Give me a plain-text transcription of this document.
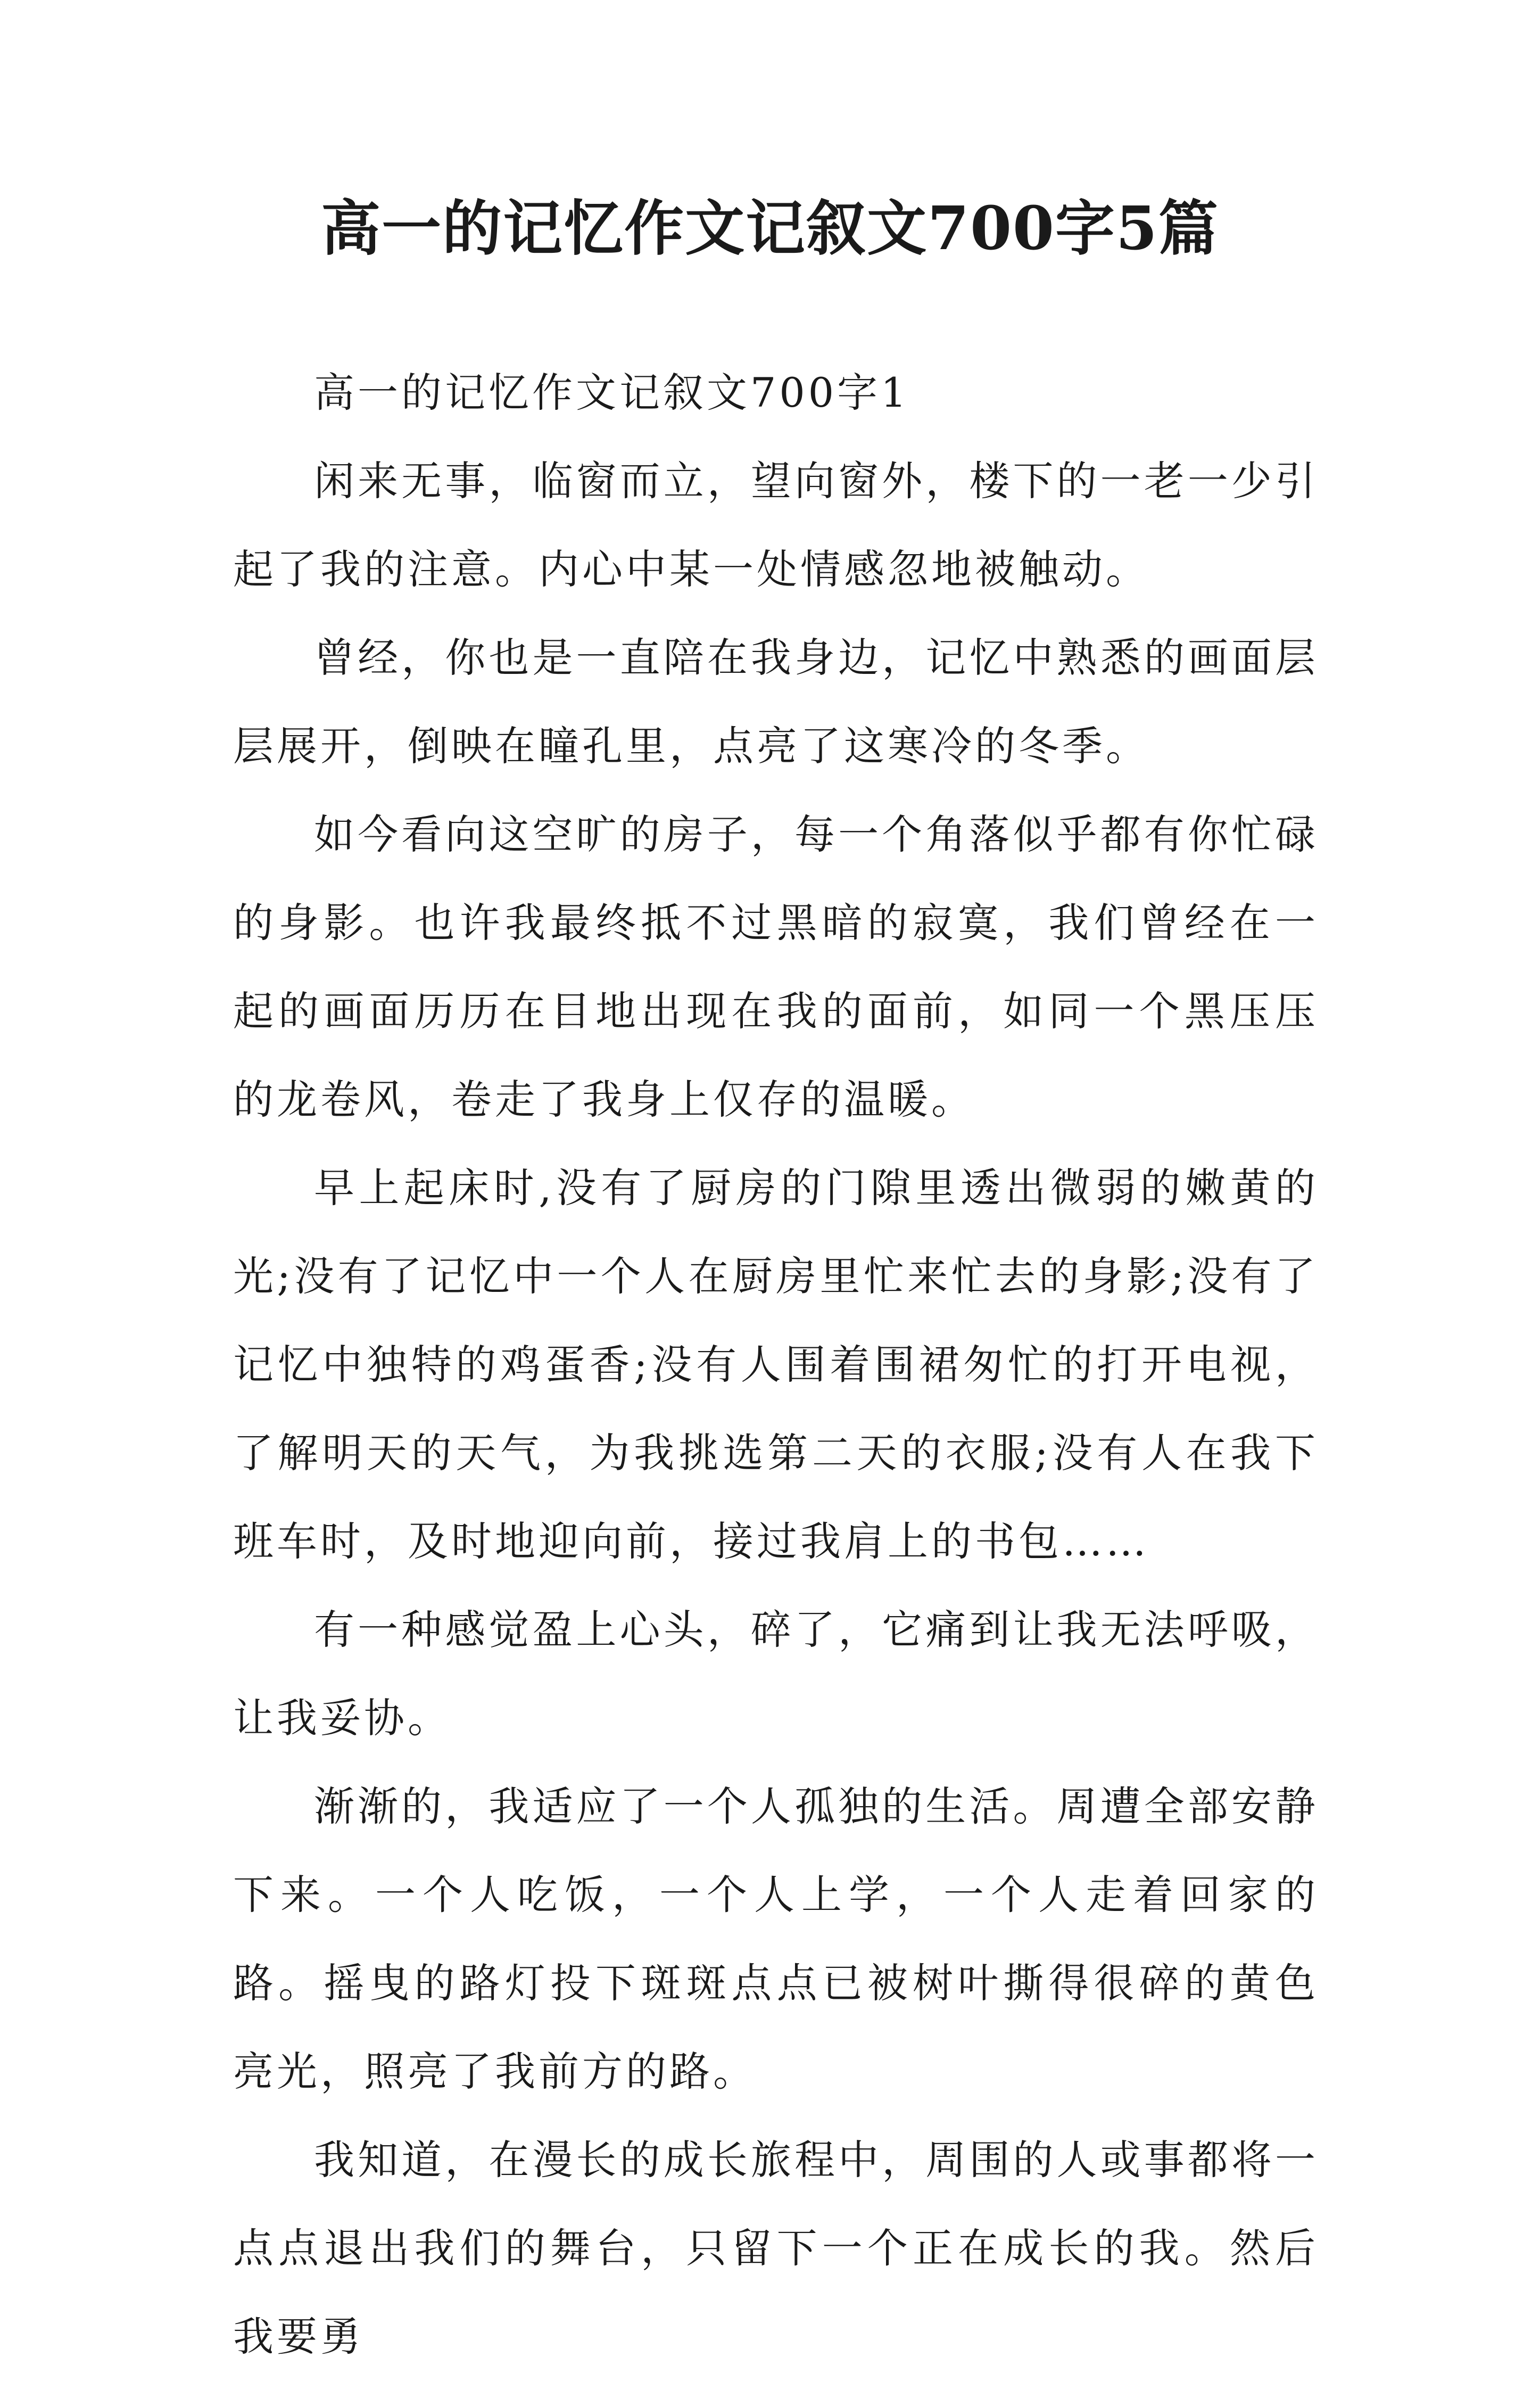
高一的记忆作文记叙文700字5篇

高一的记忆作文记叙文700字1

闲来无事，临窗而立，望向窗外，楼下的一老一少引起了我的注意。内心中某一处情感忽地被触动。

曾经，你也是一直陪在我身边，记忆中熟悉的画面层层展开，倒映在瞳孔里，点亮了这寒冷的冬季。

如今看向这空旷的房子，每一个角落似乎都有你忙碌的身影。也许我最终抵不过黑暗的寂寞，我们曾经在一起的画面历历在目地出现在我的面前，如同一个黑压压的龙卷风，卷走了我身上仅存的温暖。

早上起床时,没有了厨房的门隙里透出微弱的嫩黄的光;没有了记忆中一个人在厨房里忙来忙去的身影;没有了记忆中独特的鸡蛋香;没有人围着围裙匆忙的打开电视，了解明天的天气，为我挑选第二天的衣服;没有人在我下班车时，及时地迎向前，接过我肩上的书包……

有一种感觉盈上心头，碎了，它痛到让我无法呼吸，让我妥协。

渐渐的，我适应了一个人孤独的生活。周遭全部安静下来。一个人吃饭，一个人上学，一个人走着回家的路。摇曳的路灯投下斑斑点点已被树叶撕得很碎的黄色亮光，照亮了我前方的路。

我知道，在漫长的成长旅程中，周围的人或事都将一点点退出我们的舞台，只留下一个正在成长的我。然后我要勇
